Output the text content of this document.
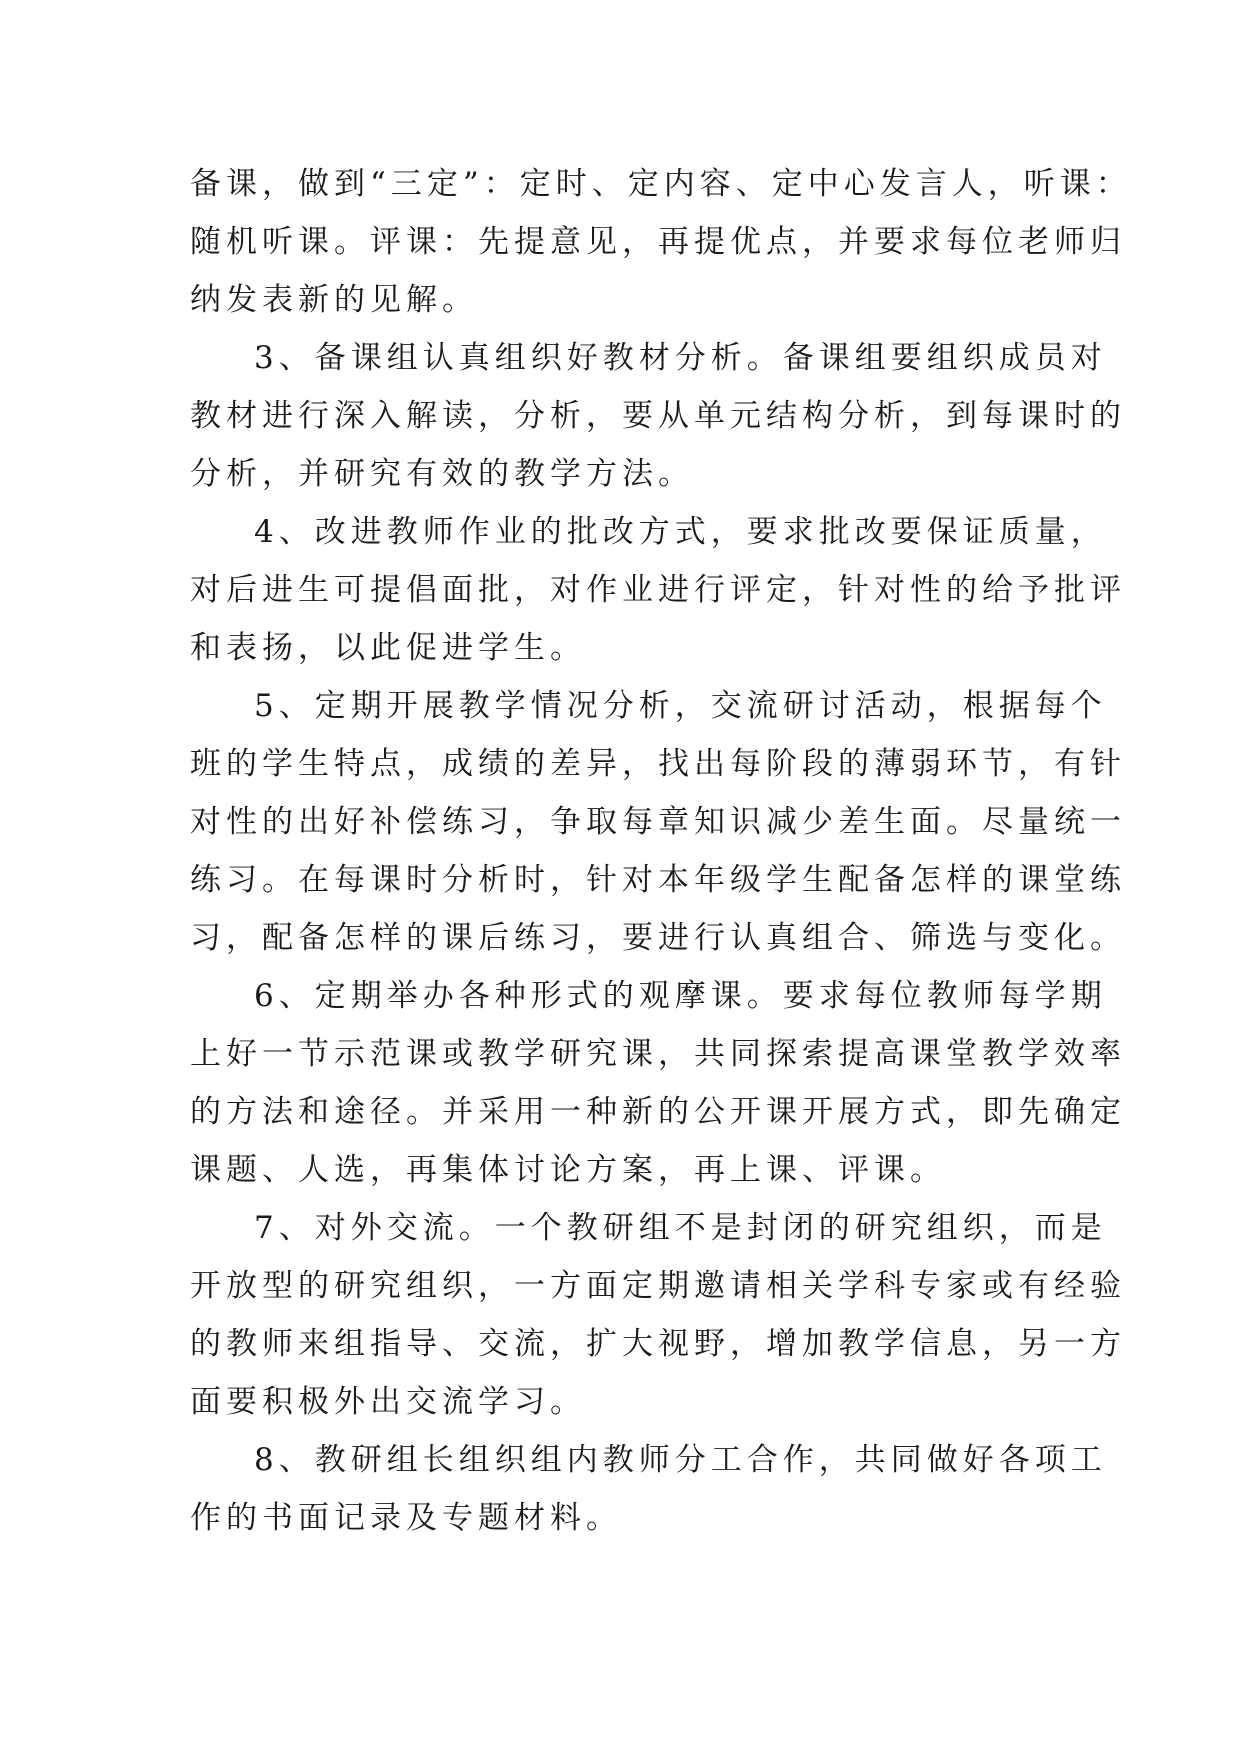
备课，做到“三定”：定时、定内容、定中心发言人，听课：
随机听课。评课：先提意见，再提优点，并要求每位老师归
纳发表新的见解。
3、备课组认真组织好教材分析。备课组要组织成员对
教材进行深入解读，分析，要从单元结构分析，到每课时的
分析，并研究有效的教学方法。
4、改进教师作业的批改方式，要求批改要保证质量，
对后进生可提倡面批，对作业进行评定，针对性的给予批评
和表扬，以此促进学生。
5、定期开展教学情况分析，交流研讨活动，根据每个
班的学生特点，成绩的差异，找出每阶段的薄弱环节，有针
对性的出好补偿练习，争取每章知识减少差生面。尽量统一
练习。在每课时分析时，针对本年级学生配备怎样的课堂练
习，配备怎样的课后练习，要进行认真组合、筛选与变化。
6、定期举办各种形式的观摩课。要求每位教师每学期
上好一节示范课或教学研究课，共同探索提高课堂教学效率
的方法和途径。并采用一种新的公开课开展方式，即先确定
课题、人选，再集体讨论方案，再上课、评课。
7、对外交流。一个教研组不是封闭的研究组织，而是
开放型的研究组织，一方面定期邀请相关学科专家或有经验
的教师来组指导、交流，扩大视野，增加教学信息，另一方
面要积极外出交流学习。
8、教研组长组织组内教师分工合作，共同做好各项工
作的书面记录及专题材料。
